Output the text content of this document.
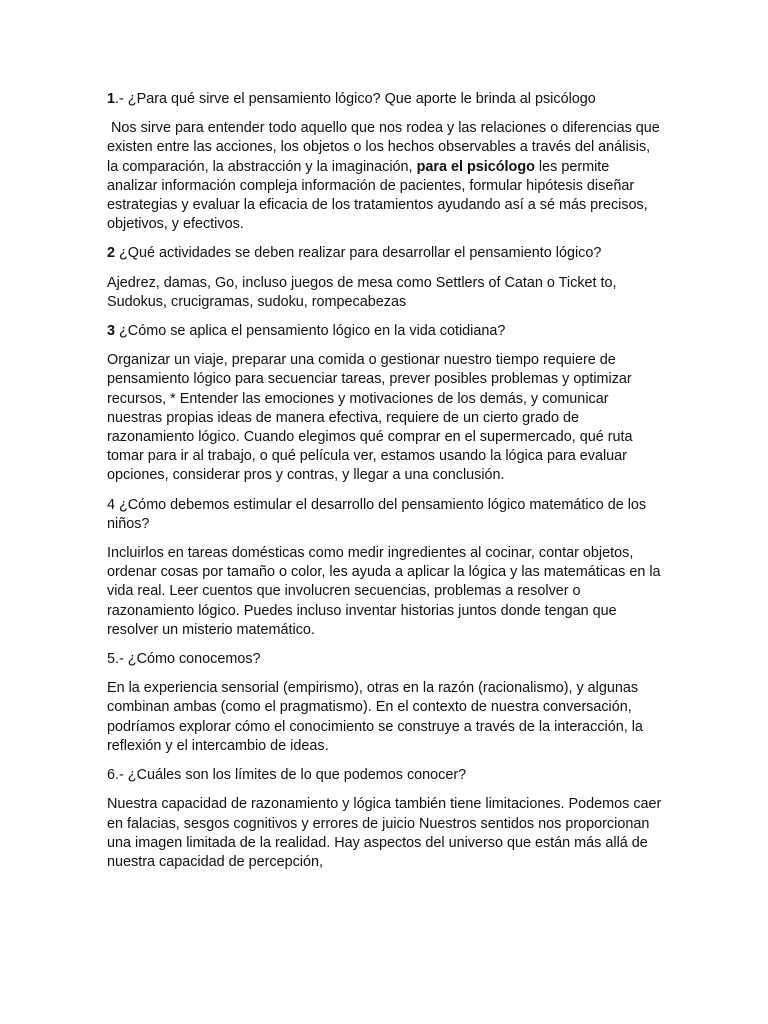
1.- ¿Para qué sirve el pensamiento lógico? Que aporte le brinda al psicólogo

Nos sirve para entender todo aquello que nos rodea y las relaciones o diferencias que existen entre las acciones, los objetos o los hechos observables a través del análisis, la comparación, la abstracción y la imaginación, para el psicólogo les permite analizar información compleja información de pacientes, formular hipótesis diseñar estrategias y evaluar la eficacia de los tratamientos ayudando así a sé más precisos, objetivos, y efectivos.

2 ¿Qué actividades se deben realizar para desarrollar el pensamiento lógico?

Ajedrez, damas, Go, incluso juegos de mesa como Settlers of Catan o Ticket to, Sudokus, crucigramas, sudoku, rompecabezas

3 ¿Cómo se aplica el pensamiento lógico en la vida cotidiana?

Organizar un viaje, preparar una comida o gestionar nuestro tiempo requiere de pensamiento lógico para secuenciar tareas, prever posibles problemas y optimizar recursos, * Entender las emociones y motivaciones de los demás, y comunicar nuestras propias ideas de manera efectiva, requiere de un cierto grado de razonamiento lógico. Cuando elegimos qué comprar en el supermercado, qué ruta tomar para ir al trabajo, o qué película ver, estamos usando la lógica para evaluar opciones, considerar pros y contras, y llegar a una conclusión.

4 ¿Cómo debemos estimular el desarrollo del pensamiento lógico matemático de los niños?

Incluirlos en tareas domésticas como medir ingredientes al cocinar, contar objetos, ordenar cosas por tamaño o color, les ayuda a aplicar la lógica y las matemáticas en la vida real. Leer cuentos que involucren secuencias, problemas a resolver o razonamiento lógico. Puedes incluso inventar historias juntos donde tengan que resolver un misterio matemático.

5.- ¿Cómo conocemos?

En la experiencia sensorial (empirismo), otras en la razón (racionalismo), y algunas combinan ambas (como el pragmatismo). En el contexto de nuestra conversación, podríamos explorar cómo el conocimiento se construye a través de la interacción, la reflexión y el intercambio de ideas.

6.- ¿Cuáles son los límites de lo que podemos conocer?

Nuestra capacidad de razonamiento y lógica también tiene limitaciones. Podemos caer en falacias, sesgos cognitivos y errores de juicio Nuestros sentidos nos proporcionan una imagen limitada de la realidad. Hay aspectos del universo que están más allá de nuestra capacidad de percepción,
